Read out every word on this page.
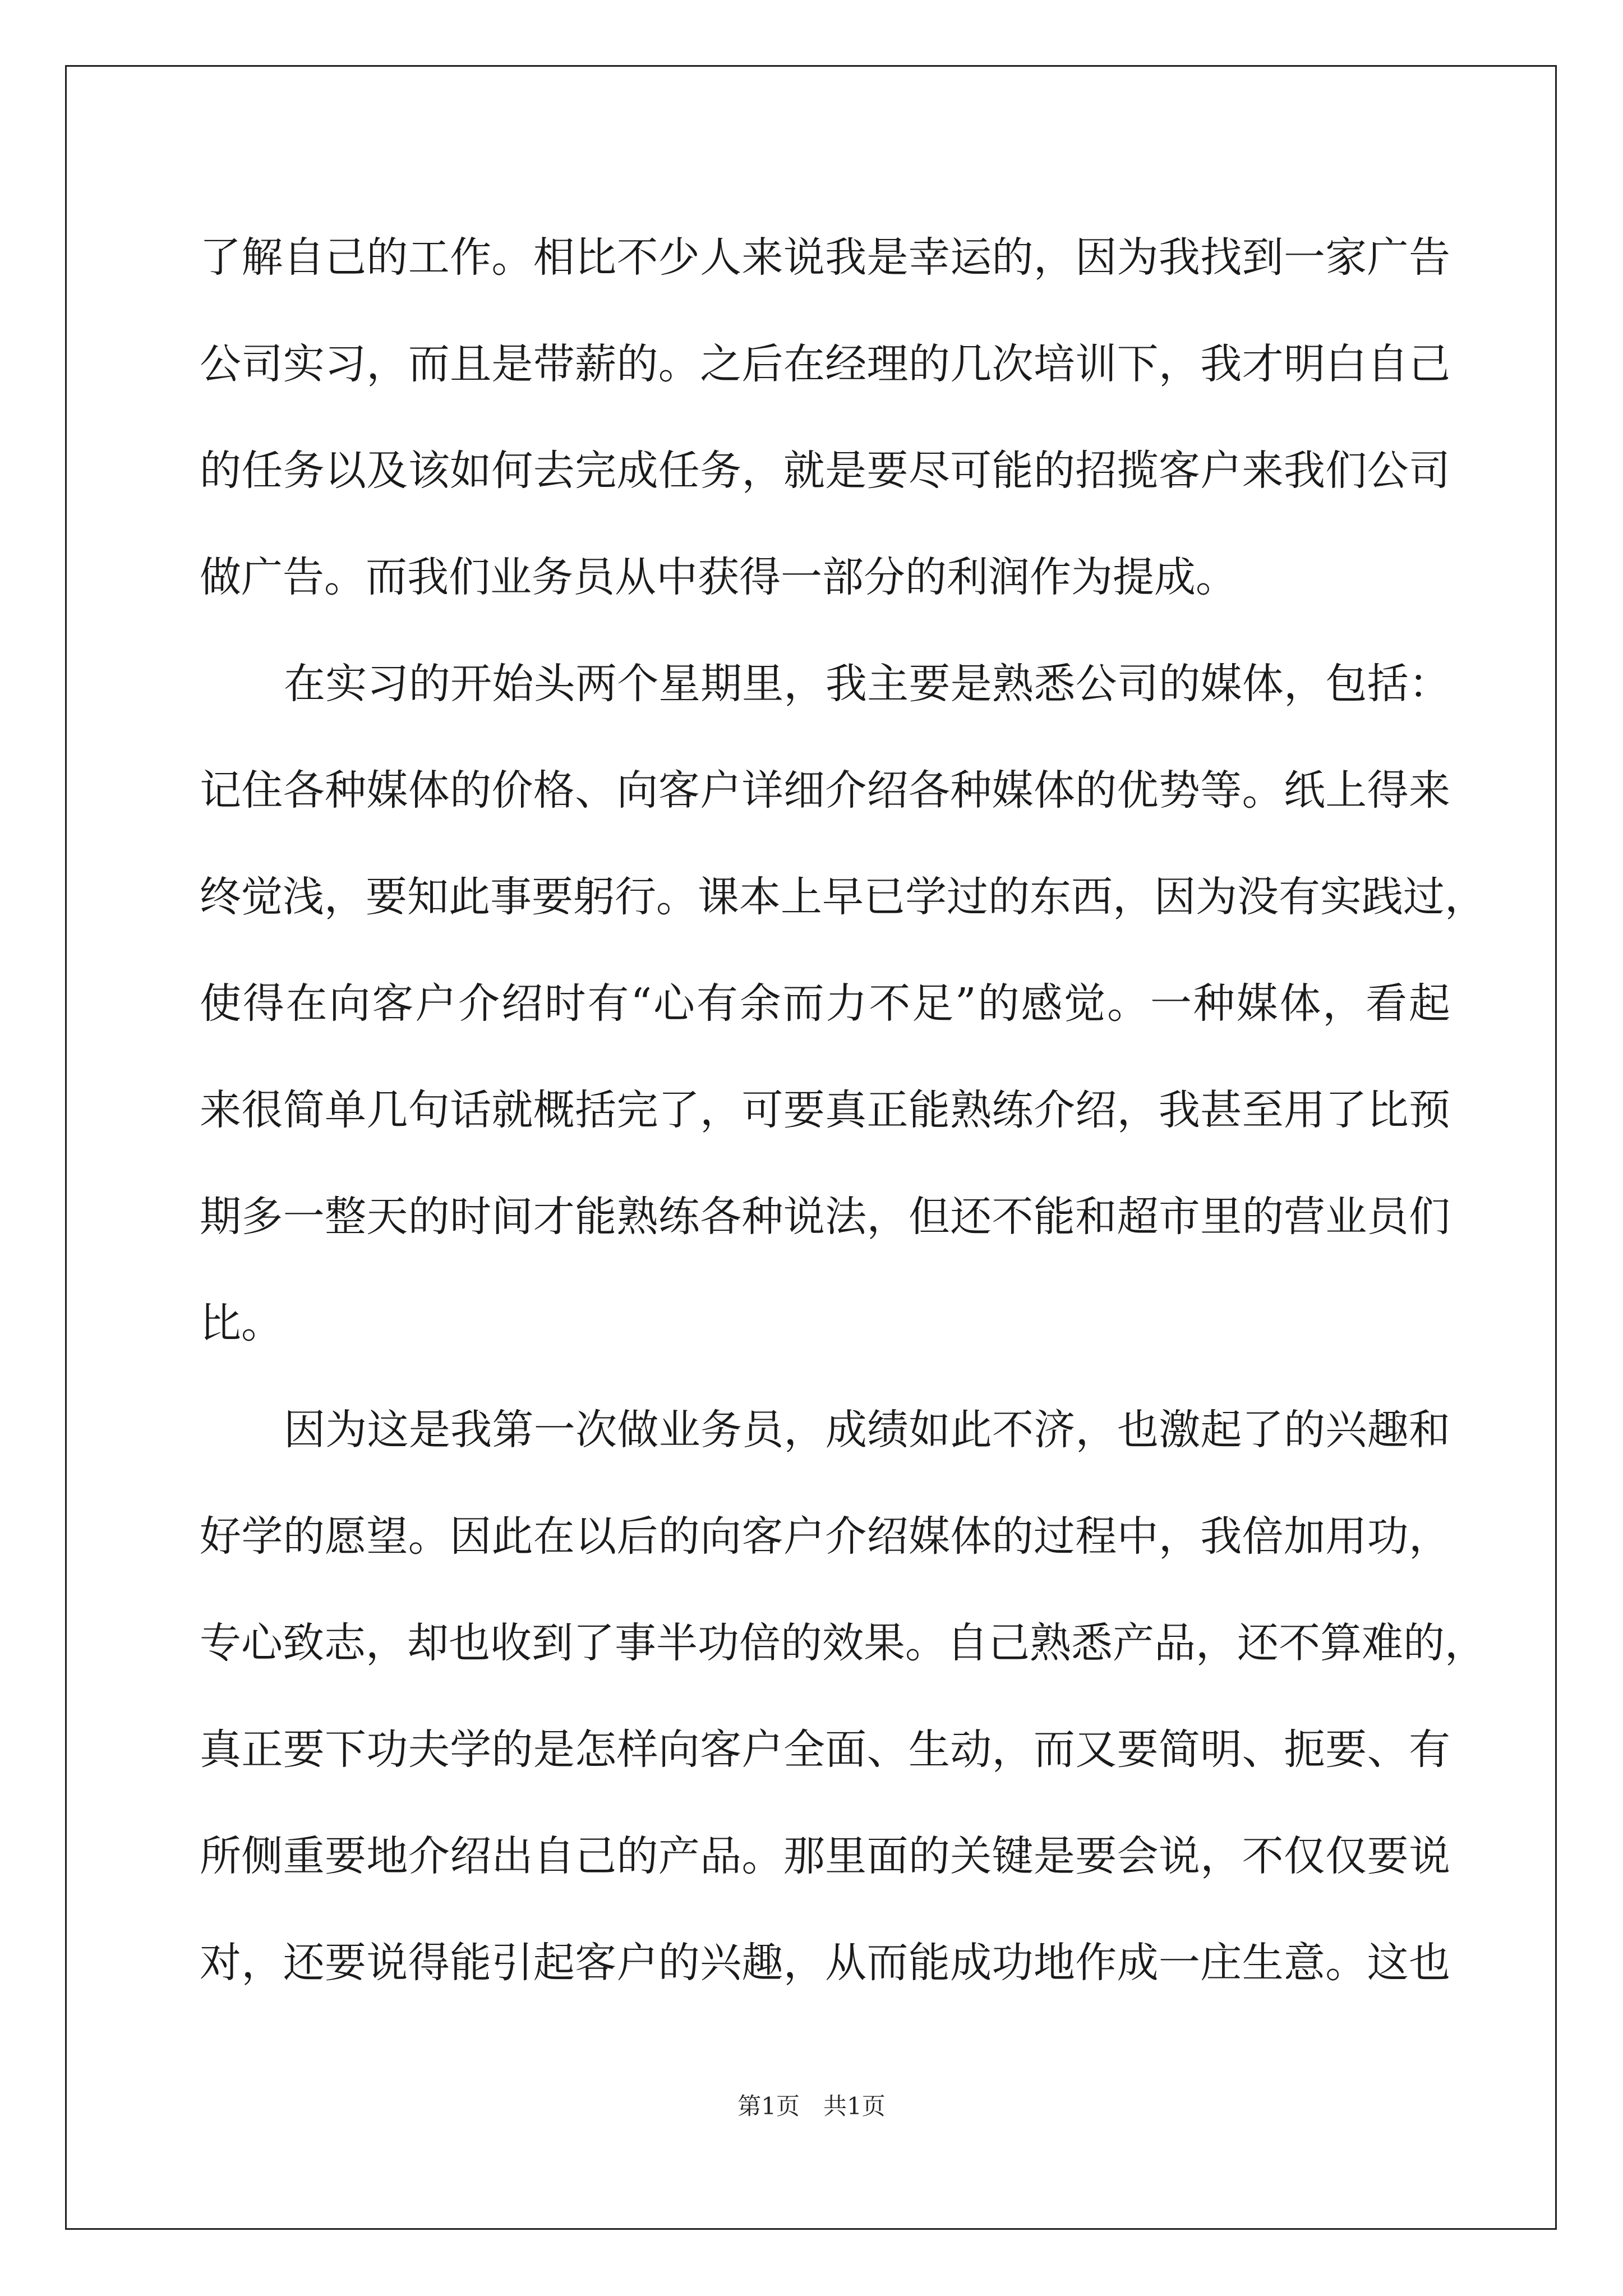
了解自己的工作。相比不少人来说我是幸运的，因为我找到一家广告
公司实习，而且是带薪的。之后在经理的几次培训下，我才明白自己
的任务以及该如何去完成任务，就是要尽可能的招揽客户来我们公司
做广告。而我们业务员从中获得一部分的利润作为提成。
在实习的开始头两个星期里，我主要是熟悉公司的媒体，包括：
记住各种媒体的价格、向客户详细介绍各种媒体的优势等。纸上得来
终觉浅，要知此事要躬行。课本上早已学过的东西，因为没有实践过，
使得在向客户介绍时有“心有余而力不足”的感觉。一种媒体，看起
来很简单几句话就概括完了，可要真正能熟练介绍，我甚至用了比预
期多一整天的时间才能熟练各种说法，但还不能和超市里的营业员们
比。
因为这是我第一次做业务员，成绩如此不济，也激起了的兴趣和
好学的愿望。因此在以后的向客户介绍媒体的过程中，我倍加用功，
专心致志，却也收到了事半功倍的效果。自己熟悉产品，还不算难的，
真正要下功夫学的是怎样向客户全面、生动，而又要简明、扼要、有
所侧重要地介绍出自己的产品。那里面的关键是要会说，不仅仅要说
对，还要说得能引起客户的兴趣，从而能成功地作成一庄生意。这也
第1页　共1页
